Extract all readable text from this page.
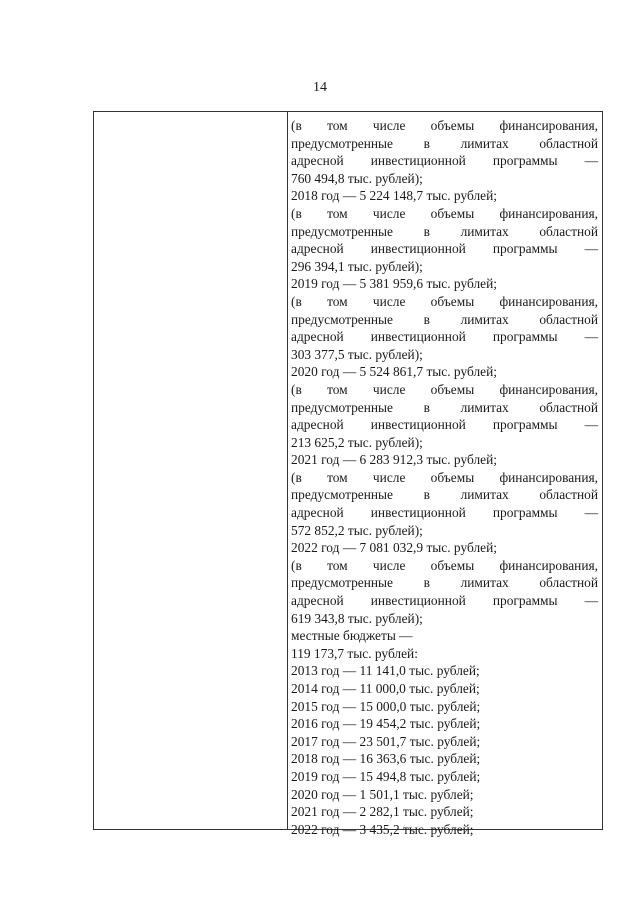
14
(в том числе объемы финансирования,
предусмотренные в лимитах областной
адресной инвестиционной программы —
760 494,8 тыс. рублей);
2018 год — 5 224 148,7 тыс. рублей;
(в том числе объемы финансирования,
предусмотренные в лимитах областной
адресной инвестиционной программы —
296 394,1 тыс. рублей);
2019 год — 5 381 959,6 тыс. рублей;
(в том числе объемы финансирования,
предусмотренные в лимитах областной
адресной инвестиционной программы —
303 377,5 тыс. рублей);
2020 год — 5 524 861,7 тыс. рублей;
(в том числе объемы финансирования,
предусмотренные в лимитах областной
адресной инвестиционной программы —
213 625,2 тыс. рублей);
2021 год — 6 283 912,3 тыс. рублей;
(в том числе объемы финансирования,
предусмотренные в лимитах областной
адресной инвестиционной программы —
572 852,2 тыс. рублей);
2022 год — 7 081 032,9 тыс. рублей;
(в том числе объемы финансирования,
предусмотренные в лимитах областной
адресной инвестиционной программы —
619 343,8 тыс. рублей);
местные бюджеты —
119 173,7 тыс. рублей:
2013 год — 11 141,0 тыс. рублей;
2014 год — 11 000,0 тыс. рублей;
2015 год — 15 000,0 тыс. рублей;
2016 год — 19 454,2 тыс. рублей;
2017 год — 23 501,7 тыс. рублей;
2018 год — 16 363,6 тыс. рублей;
2019 год — 15 494,8 тыс. рублей;
2020 год — 1 501,1 тыс. рублей;
2021 год — 2 282,1 тыс. рублей;
2022 год — 3 435,2 тыс. рублей;
